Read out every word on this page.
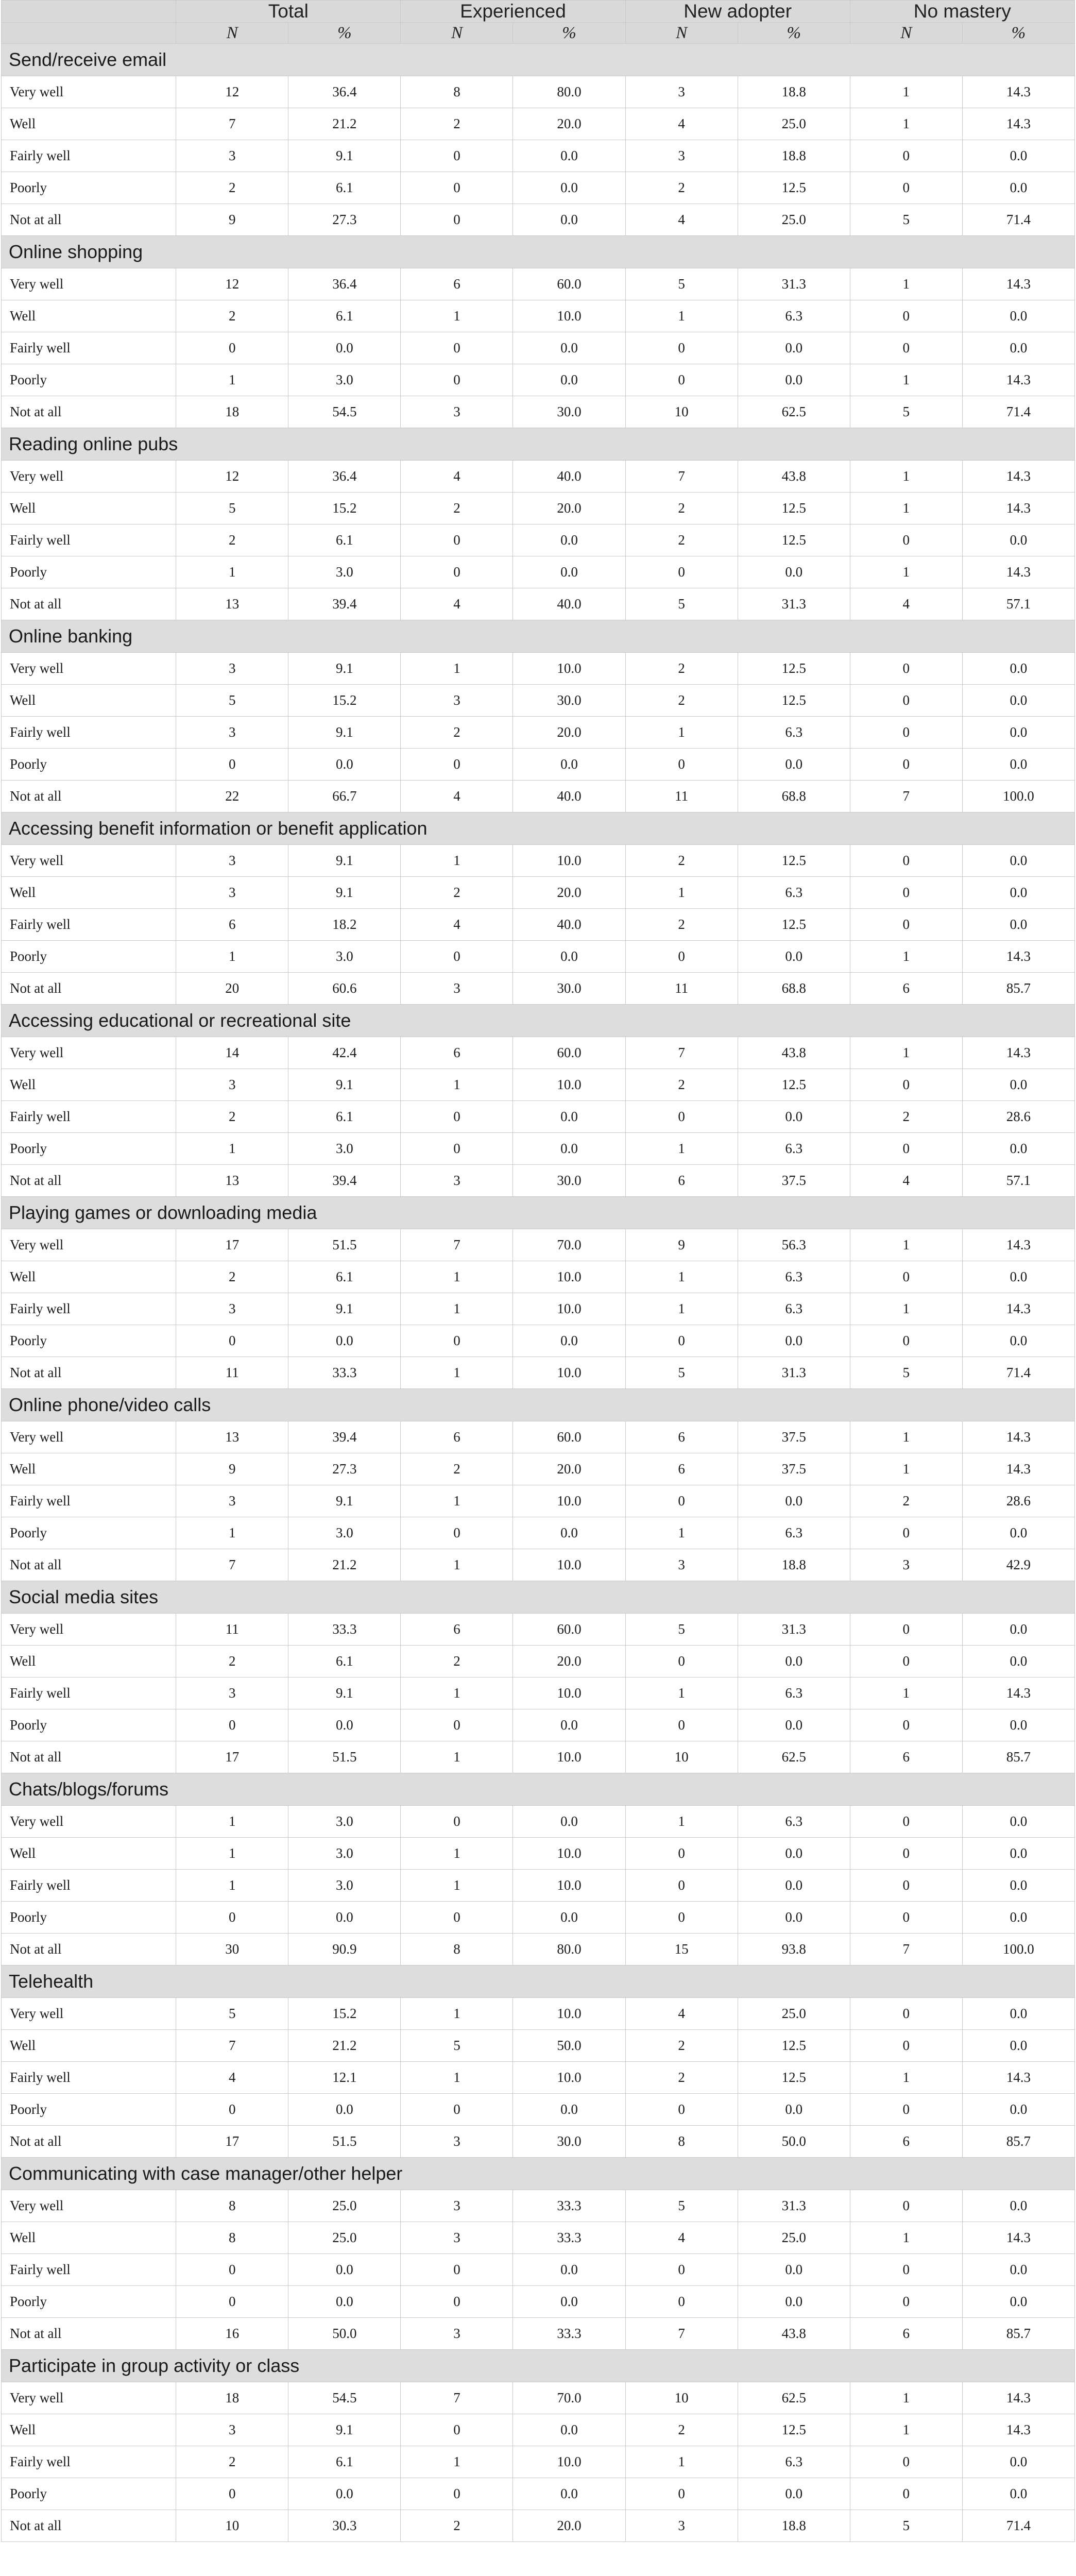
	Total		Experienced		New adopter		No mastery	
	N	%	N	%	N	%	N	%
Send/receive email								
Very well	12	36.4	8	80.0	3	18.8	1	14.3
Well	7	21.2	2	20.0	4	25.0	1	14.3
Fairly well	3	9.1	0	0.0	3	18.8	0	0.0
Poorly	2	6.1	0	0.0	2	12.5	0	0.0
Not at all	9	27.3	0	0.0	4	25.0	5	71.4
Online shopping								
Very well	12	36.4	6	60.0	5	31.3	1	14.3
Well	2	6.1	1	10.0	1	6.3	0	0.0
Fairly well	0	0.0	0	0.0	0	0.0	0	0.0
Poorly	1	3.0	0	0.0	0	0.0	1	14.3
Not at all	18	54.5	3	30.0	10	62.5	5	71.4
Reading online pubs								
Very well	12	36.4	4	40.0	7	43.8	1	14.3
Well	5	15.2	2	20.0	2	12.5	1	14.3
Fairly well	2	6.1	0	0.0	2	12.5	0	0.0
Poorly	1	3.0	0	0.0	0	0.0	1	14.3
Not at all	13	39.4	4	40.0	5	31.3	4	57.1
Online banking								
Very well	3	9.1	1	10.0	2	12.5	0	0.0
Well	5	15.2	3	30.0	2	12.5	0	0.0
Fairly well	3	9.1	2	20.0	1	6.3	0	0.0
Poorly	0	0.0	0	0.0	0	0.0	0	0.0
Not at all	22	66.7	4	40.0	11	68.8	7	100.0
Accessing benefit information or benefit application								
Very well	3	9.1	1	10.0	2	12.5	0	0.0
Well	3	9.1	2	20.0	1	6.3	0	0.0
Fairly well	6	18.2	4	40.0	2	12.5	0	0.0
Poorly	1	3.0	0	0.0	0	0.0	1	14.3
Not at all	20	60.6	3	30.0	11	68.8	6	85.7
Accessing educational or recreational site								
Very well	14	42.4	6	60.0	7	43.8	1	14.3
Well	3	9.1	1	10.0	2	12.5	0	0.0
Fairly well	2	6.1	0	0.0	0	0.0	2	28.6
Poorly	1	3.0	0	0.0	1	6.3	0	0.0
Not at all	13	39.4	3	30.0	6	37.5	4	57.1
Playing games or downloading media								
Very well	17	51.5	7	70.0	9	56.3	1	14.3
Well	2	6.1	1	10.0	1	6.3	0	0.0
Fairly well	3	9.1	1	10.0	1	6.3	1	14.3
Poorly	0	0.0	0	0.0	0	0.0	0	0.0
Not at all	11	33.3	1	10.0	5	31.3	5	71.4
Online phone/video calls								
Very well	13	39.4	6	60.0	6	37.5	1	14.3
Well	9	27.3	2	20.0	6	37.5	1	14.3
Fairly well	3	9.1	1	10.0	0	0.0	2	28.6
Poorly	1	3.0	0	0.0	1	6.3	0	0.0
Not at all	7	21.2	1	10.0	3	18.8	3	42.9
Social media sites								
Very well	11	33.3	6	60.0	5	31.3	0	0.0
Well	2	6.1	2	20.0	0	0.0	0	0.0
Fairly well	3	9.1	1	10.0	1	6.3	1	14.3
Poorly	0	0.0	0	0.0	0	0.0	0	0.0
Not at all	17	51.5	1	10.0	10	62.5	6	85.7
Chats/blogs/forums								
Very well	1	3.0	0	0.0	1	6.3	0	0.0
Well	1	3.0	1	10.0	0	0.0	0	0.0
Fairly well	1	3.0	1	10.0	0	0.0	0	0.0
Poorly	0	0.0	0	0.0	0	0.0	0	0.0
Not at all	30	90.9	8	80.0	15	93.8	7	100.0
Telehealth								
Very well	5	15.2	1	10.0	4	25.0	0	0.0
Well	7	21.2	5	50.0	2	12.5	0	0.0
Fairly well	4	12.1	1	10.0	2	12.5	1	14.3
Poorly	0	0.0	0	0.0	0	0.0	0	0.0
Not at all	17	51.5	3	30.0	8	50.0	6	85.7
Communicating with case manager/other helper								
Very well	8	25.0	3	33.3	5	31.3	0	0.0
Well	8	25.0	3	33.3	4	25.0	1	14.3
Fairly well	0	0.0	0	0.0	0	0.0	0	0.0
Poorly	0	0.0	0	0.0	0	0.0	0	0.0
Not at all	16	50.0	3	33.3	7	43.8	6	85.7
Participate in group activity or class								
Very well	18	54.5	7	70.0	10	62.5	1	14.3
Well	3	9.1	0	0.0	2	12.5	1	14.3
Fairly well	2	6.1	1	10.0	1	6.3	0	0.0
Poorly	0	0.0	0	0.0	0	0.0	0	0.0
Not at all	10	30.3	2	20.0	3	18.8	5	71.4
